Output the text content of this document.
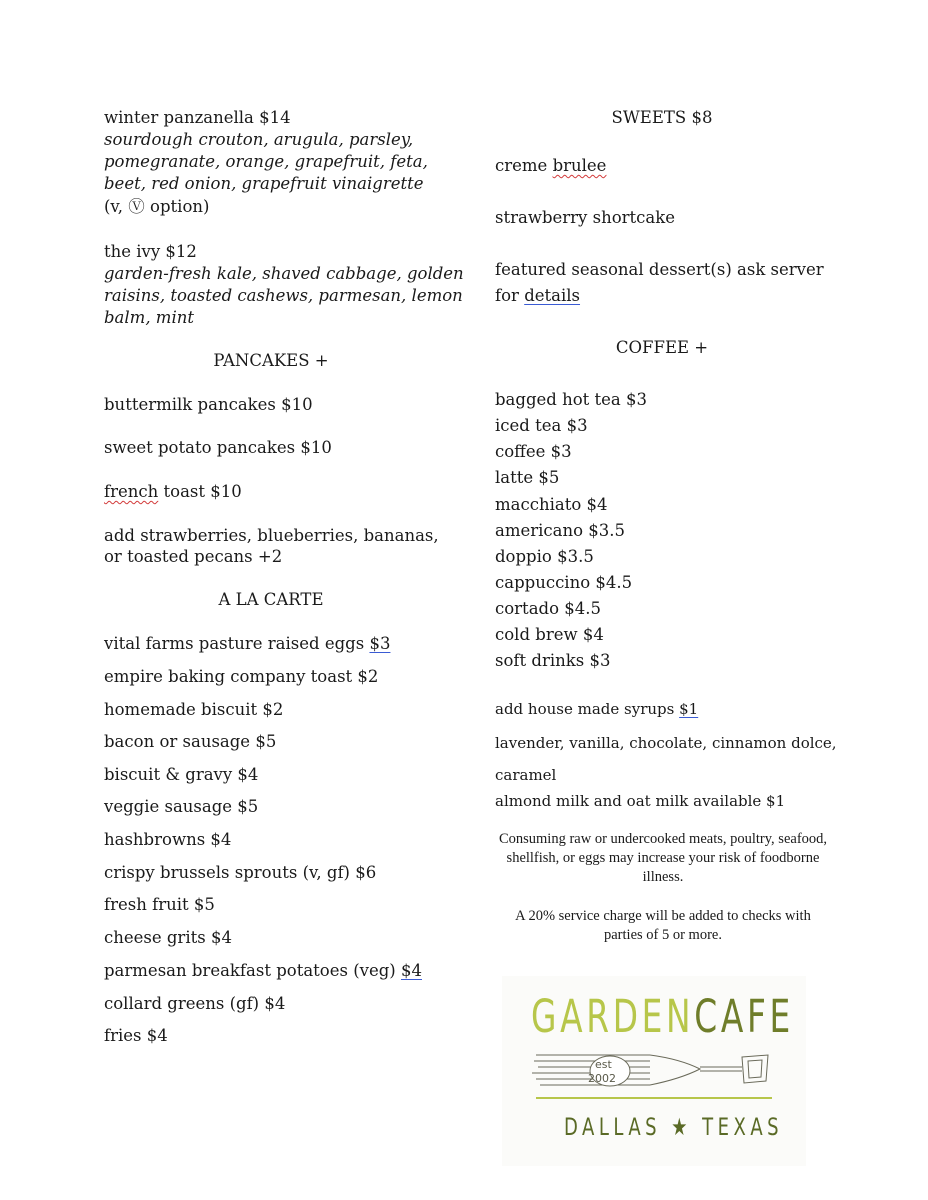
winter panzanella $14
sourdough crouton, arugula, parsley,
pomegranate, orange, grapefruit, feta,
beet, red onion, grapefruit vinaigrette
(v, Ⓥ option)
the ivy $12
garden-fresh kale, shaved cabbage, golden
raisins, toasted cashews, parmesan, lemon
balm, mint
PANCAKES +
buttermilk pancakes $10
sweet potato pancakes $10
french toast $10
add strawberries, blueberries, bananas,
or toasted pecans +2
A LA CARTE
vital farms pasture raised eggs $3
empire baking company toast $2
homemade biscuit $2
bacon or sausage $5
biscuit & gravy $4
veggie sausage $5
hashbrowns $4
crispy brussels sprouts (v, gf) $6
fresh fruit $5
cheese grits $4
parmesan breakfast potatoes (veg) $4
collard greens (gf) $4
fries $4
SWEETS $8
creme brulee
strawberry shortcake
featured seasonal dessert(s) ask server
for details
COFFEE +
bagged hot tea $3
iced tea $3
coffee $3
latte $5
macchiato $4
americano $3.5
doppio $3.5
cappuccino $4.5
cortado $4.5
cold brew $4
soft drinks $3
add house made syrups $1
lavender, vanilla, chocolate, cinnamon dolce,
caramel
almond milk and oat milk available $1
Consuming raw or undercooked meats, poultry, seafood, shellfish, or eggs may increase your risk of foodborne illness.
A 20% service charge will be added to checks with parties of 5 or more.
GARDENCAFE
est
2002
DALLAS ★ TEXAS
